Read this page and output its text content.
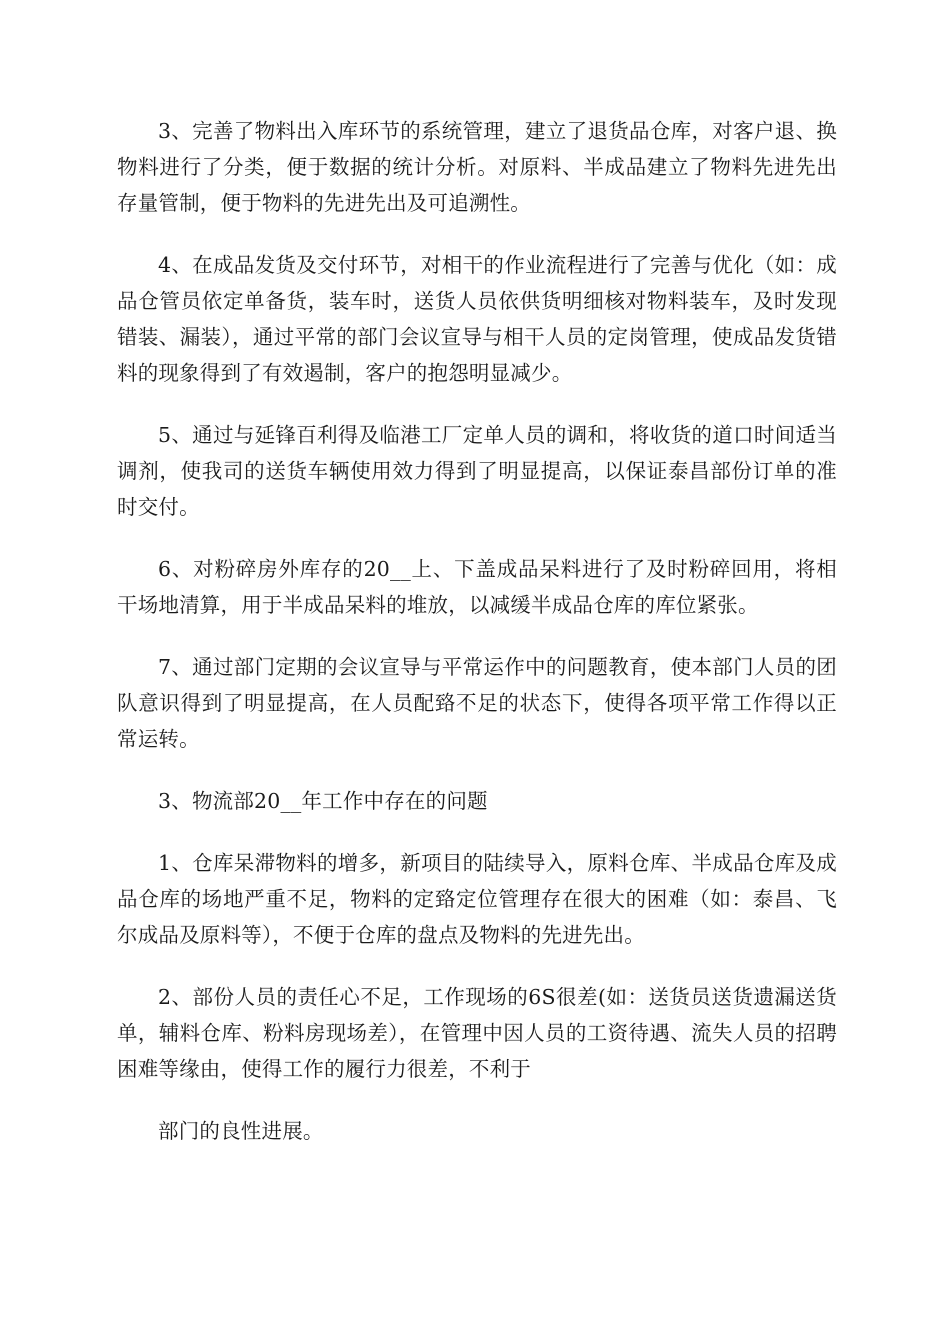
3、完善了物料出入库环节的系统管理，建立了退货品仓库，对客户退、换物料进行了分类，便于数据的统计分析。对原料、半成品建立了物料先进先出存量管制，便于物料的先进先出及可追溯性。

4、在成品发货及交付环节，对相干的作业流程进行了完善与优化（如：成品仓管员依定单备货，装车时，送货人员依供货明细核对物料装车，及时发现错装、漏装），通过平常的部门会议宣导与相干人员的定岗管理，使成品发货错料的现象得到了有效遏制，客户的抱怨明显减少。

5、通过与延锋百利得及临港工厂定单人员的调和，将收货的道口时间适当调剂，使我司的送货车辆使用效力得到了明显提高，以保证泰昌部份订单的准时交付。

6、对粉碎房外库存的20__上、下盖成品呆料进行了及时粉碎回用，将相干场地清算，用于半成品呆料的堆放，以减缓半成品仓库的库位紧张。

7、通过部门定期的会议宣导与平常运作中的问题教育，使本部门人员的团队意识得到了明显提高，在人员配臵不足的状态下，使得各项平常工作得以正常运转。

3、物流部20__年工作中存在的问题

1、仓库呆滞物料的增多，新项目的陆续导入，原料仓库、半成品仓库及成品仓库的场地严重不足，物料的定臵定位管理存在很大的困难（如：泰昌、飞尔成品及原料等），不便于仓库的盘点及物料的先进先出。

2、部份人员的责任心不足，工作现场的6S很差(如：送货员送货遗漏送货单，辅料仓库、粉料房现场差），在管理中因人员的工资待遇、流失人员的招聘困难等缘由，使得工作的履行力很差，不利于

部门的良性进展。
